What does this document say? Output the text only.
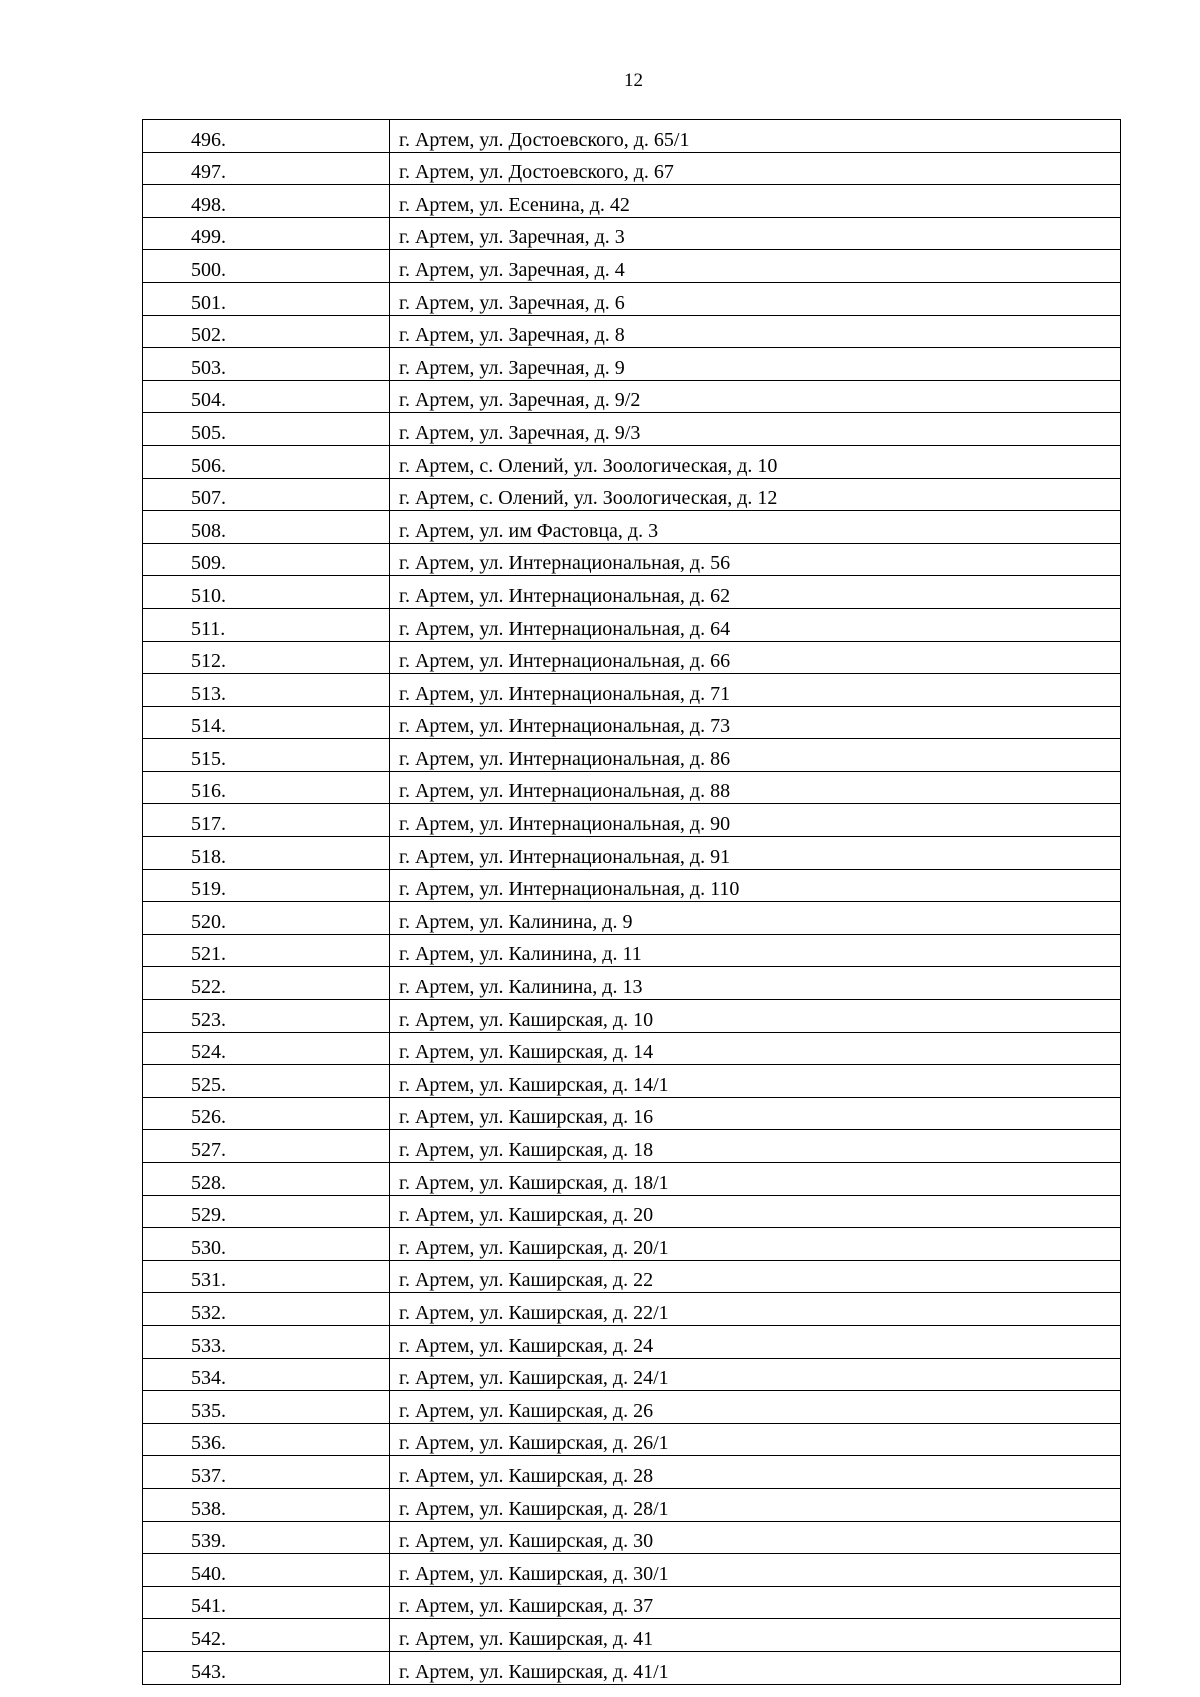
12
496.	г. Артем, ул. Достоевского, д. 65/1
497.	г. Артем, ул. Достоевского, д. 67
498.	г. Артем, ул. Есенина, д. 42
499.	г. Артем, ул. Заречная, д. 3
500.	г. Артем, ул. Заречная, д. 4
501.	г. Артем, ул. Заречная, д. 6
502.	г. Артем, ул. Заречная, д. 8
503.	г. Артем, ул. Заречная, д. 9
504.	г. Артем, ул. Заречная, д. 9/2
505.	г. Артем, ул. Заречная, д. 9/3
506.	г. Артем, с. Олений, ул. Зоологическая, д. 10
507.	г. Артем, с. Олений, ул. Зоологическая, д. 12
508.	г. Артем, ул. им Фастовца, д. 3
509.	г. Артем, ул. Интернациональная, д. 56
510.	г. Артем, ул. Интернациональная, д. 62
511.	г. Артем, ул. Интернациональная, д. 64
512.	г. Артем, ул. Интернациональная, д. 66
513.	г. Артем, ул. Интернациональная, д. 71
514.	г. Артем, ул. Интернациональная, д. 73
515.	г. Артем, ул. Интернациональная, д. 86
516.	г. Артем, ул. Интернациональная, д. 88
517.	г. Артем, ул. Интернациональная, д. 90
518.	г. Артем, ул. Интернациональная, д. 91
519.	г. Артем, ул. Интернациональная, д. 110
520.	г. Артем, ул. Калинина, д. 9
521.	г. Артем, ул. Калинина, д. 11
522.	г. Артем, ул. Калинина, д. 13
523.	г. Артем, ул. Каширская, д. 10
524.	г. Артем, ул. Каширская, д. 14
525.	г. Артем, ул. Каширская, д. 14/1
526.	г. Артем, ул. Каширская, д. 16
527.	г. Артем, ул. Каширская, д. 18
528.	г. Артем, ул. Каширская, д. 18/1
529.	г. Артем, ул. Каширская, д. 20
530.	г. Артем, ул. Каширская, д. 20/1
531.	г. Артем, ул. Каширская, д. 22
532.	г. Артем, ул. Каширская, д. 22/1
533.	г. Артем, ул. Каширская, д. 24
534.	г. Артем, ул. Каширская, д. 24/1
535.	г. Артем, ул. Каширская, д. 26
536.	г. Артем, ул. Каширская, д. 26/1
537.	г. Артем, ул. Каширская, д. 28
538.	г. Артем, ул. Каширская, д. 28/1
539.	г. Артем, ул. Каширская, д. 30
540.	г. Артем, ул. Каширская, д. 30/1
541.	г. Артем, ул. Каширская, д. 37
542.	г. Артем, ул. Каширская, д. 41
543.	г. Артем, ул. Каширская, д. 41/1
